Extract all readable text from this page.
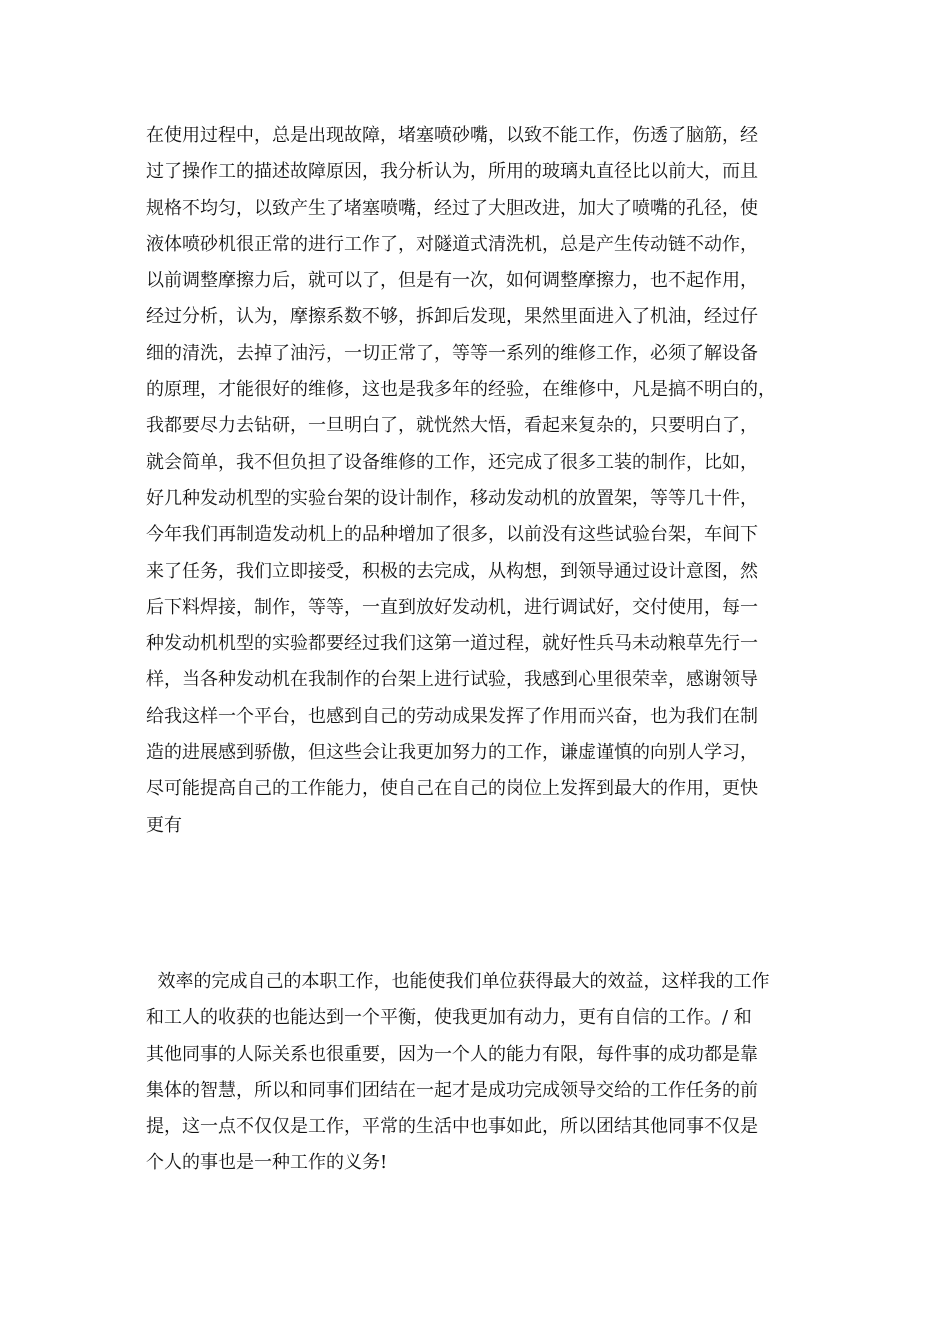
在使用过程中，总是出现故障，堵塞喷砂嘴，以致不能工作，伤透了脑筋，经
过了操作工的描述故障原因，我分析认为，所用的玻璃丸直径比以前大，而且
规格不均匀，以致产生了堵塞喷嘴，经过了大胆改进，加大了喷嘴的孔径，使
液体喷砂机很正常的进行工作了，对隧道式清洗机，总是产生传动链不动作，
以前调整摩擦力后，就可以了，但是有一次，如何调整摩擦力，也不起作用，
经过分析，认为，摩擦系数不够，拆卸后发现，果然里面进入了机油，经过仔
细的清洗，去掉了油污，一切正常了，等等一系列的维修工作，必须了解设备
的原理，才能很好的维修，这也是我多年的经验，在维修中，凡是搞不明白的，
我都要尽力去钻研，一旦明白了，就恍然大悟，看起来复杂的，只要明白了，
就会简单，我不但负担了设备维修的工作，还完成了很多工装的制作，比如，
好几种发动机型的实验台架的设计制作，移动发动机的放置架，等等几十件，
今年我们再制造发动机上的品种增加了很多，以前没有这些试验台架，车间下
来了任务，我们立即接受，积极的去完成，从构想，到领导通过设计意图，然
后下料焊接，制作，等等，一直到放好发动机，进行调试好，交付使用，每一
种发动机机型的实验都要经过我们这第一道过程，就好性兵马未动粮草先行一
样，当各种发动机在我制作的台架上进行试验，我感到心里很荣幸，感谢领导
给我这样一个平台，也感到自己的劳动成果发挥了作用而兴奋，也为我们在制
造的进展感到骄傲，但这些会让我更加努力的工作，谦虚谨慎的向别人学习，
尽可能提高自己的工作能力，使自己在自己的岗位上发挥到最大的作用，更快
更有
效率的完成自己的本职工作，也能使我们单位获得最大的效益，这样我的工作
和工人的收获的也能达到一个平衡，使我更加有动力，更有自信的工作。/ 和
其他同事的人际关系也很重要，因为一个人的能力有限，每件事的成功都是靠
集体的智慧，所以和同事们团结在一起才是成功完成领导交给的工作任务的前
提，这一点不仅仅是工作，平常的生活中也事如此，所以团结其他同事不仅是
个人的事也是一种工作的义务!
